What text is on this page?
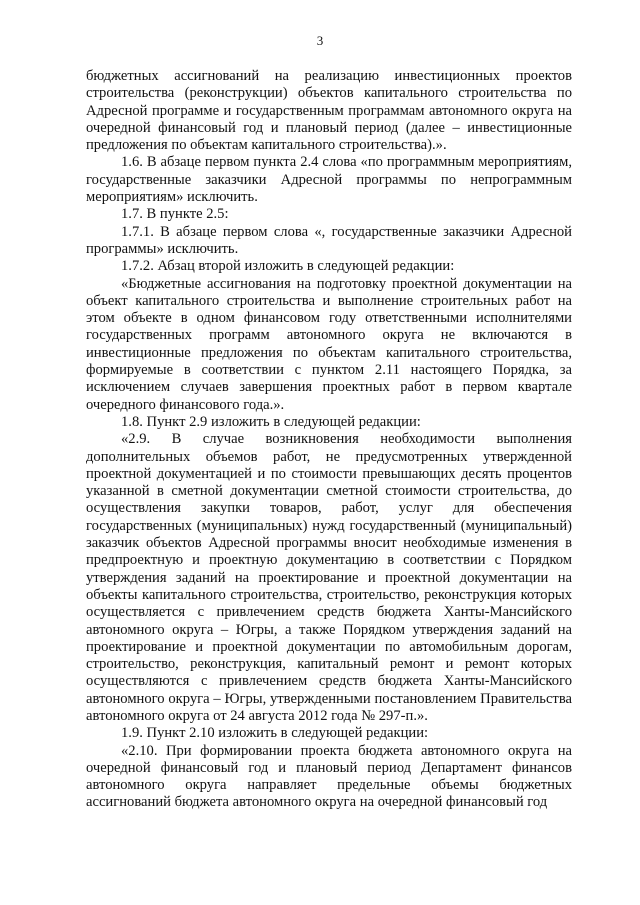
3

бюджетных ассигнований на реализацию инвестиционных проектов строительства (реконструкции) объектов капитального строительства по Адресной программе и государственным программам автономного округа на очередной финансовый год и плановый период (далее – инвестиционные предложения по объектам капитального строительства).».

1.6. В абзаце первом пункта 2.4 слова «по программным мероприятиям, государственные заказчики Адресной программы по непрограммным мероприятиям» исключить.

1.7. В пункте 2.5:

1.7.1. В абзаце первом слова «, государственные заказчики Адресной программы» исключить.

1.7.2. Абзац второй изложить в следующей редакции:

«Бюджетные ассигнования на подготовку проектной документации на объект капитального строительства и выполнение строительных работ на этом объекте в одном финансовом году ответственными исполнителями государственных программ автономного округа не включаются в инвестиционные предложения по объектам капитального строительства, формируемые в соответствии с пунктом 2.11 настоящего Порядка, за исключением случаев завершения проектных работ в первом квартале очередного финансового года.».

1.8. Пункт 2.9 изложить в следующей редакции:

«2.9. В случае возникновения необходимости выполнения дополнительных объемов работ, не предусмотренных утвержденной проектной документацией и по стоимости превышающих десять процентов указанной в сметной документации сметной стоимости строительства, до осуществления закупки товаров, работ, услуг для обеспечения государственных (муниципальных) нужд государственный (муниципальный) заказчик объектов Адресной программы вносит необходимые изменения в предпроектную и проектную документацию в соответствии с Порядком утверждения заданий на проектирование и проектной документации на объекты капитального строительства, строительство, реконструкция которых осуществляется с привлечением средств бюджета Ханты-Мансийского автономного округа – Югры, а также Порядком утверждения заданий на проектирование и проектной документации по автомобильным дорогам, строительство, реконструкция, капитальный ремонт и ремонт которых осуществляются с привлечением средств бюджета Ханты-Мансийского автономного округа – Югры, утвержденными постановлением Правительства автономного округа от 24 августа 2012 года № 297-п.».

1.9. Пункт 2.10 изложить в следующей редакции:

«2.10. При формировании проекта бюджета автономного округа на очередной финансовый год и плановый период Департамент финансов автономного округа направляет предельные объемы бюджетных ассигнований бюджета автономного округа на очередной финансовый год
